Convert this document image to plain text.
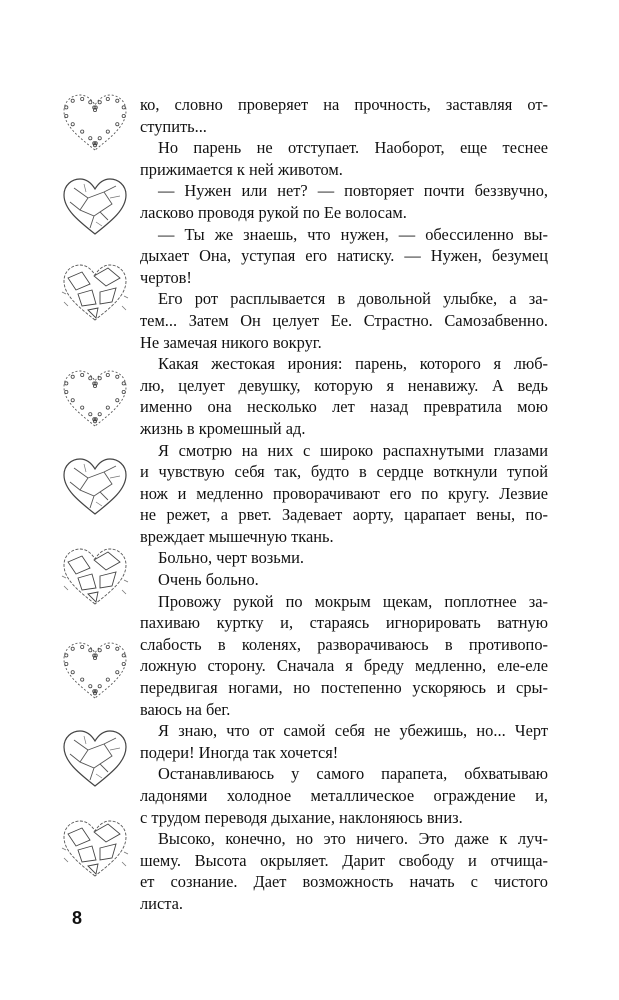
ко, словно проверяет на прочность, заставляя от-
ступить...
Но парень не отступает. Наоборот, еще теснее
прижимается к ней животом.
— Нужен или нет? — повторяет почти беззвучно,
ласково проводя рукой по Ее волосам.
— Ты же знаешь, что нужен, — обессиленно вы-
дыхает Она, уступая его натиску. — Нужен, безумец
чертов!
Его рот расплывается в довольной улыбке, а за-
тем... Затем Он целует Ее. Страстно. Самозабвенно.
Не замечая никого вокруг.
Какая жестокая ирония: парень, которого я люб-
лю, целует девушку, которую я ненавижу. А ведь
именно она несколько лет назад превратила мою
жизнь в кромешный ад.
Я смотрю на них с широко распахнутыми глазами
и чувствую себя так, будто в сердце воткнули тупой
нож и медленно проворачивают его по кругу. Лезвие
не режет, а рвет. Задевает аорту, царапает вены, по-
вреждает мышечную ткань.
Больно, черт возьми.
Очень больно.
Провожу рукой по мокрым щекам, поплотнее за-
пахиваю куртку и, стараясь игнорировать ватную
слабость в коленях, разворачиваюсь в противопо-
ложную сторону. Сначала я бреду медленно, еле-еле
передвигая ногами, но постепенно ускоряюсь и сры-
ваюсь на бег.
Я знаю, что от самой себя не убежишь, но... Черт
подери! Иногда так хочется!
Останавливаюсь у самого парапета, обхватываю
ладонями холодное металлическое ограждение и,
с трудом переводя дыхание, наклоняюсь вниз.
Высоко, конечно, но это ничего. Это даже к луч-
шему. Высота окрыляет. Дарит свободу и отчища-
ет сознание. Дает возможность начать с чистого
листа.
8
